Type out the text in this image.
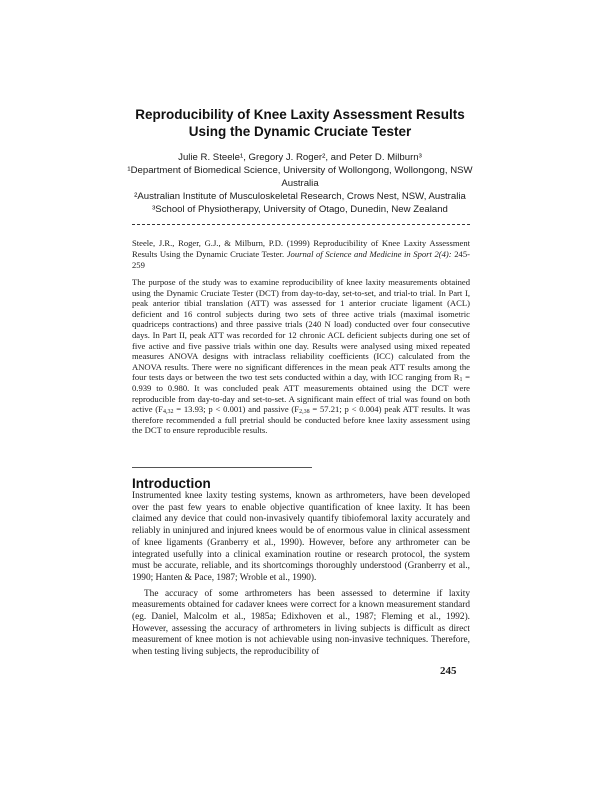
Reproducibility of Knee Laxity Assessment Results
Using the Dynamic Cruciate Tester
Julie R. Steele¹, Gregory J. Roger², and Peter D. Milburn³
¹Department of Biomedical Science, University of Wollongong, Wollongong, NSW
Australia
²Australian Institute of Musculoskeletal Research, Crows Nest, NSW, Australia
³School of Physiotherapy, University of Otago, Dunedin, New Zealand
Steele, J.R., Roger, G.J., & Milburn, P.D. (1999) Reproducibility of Knee Laxity Assessment Results Using the Dynamic Cruciate Tester. Journal of Science and Medicine in Sport 2(4): 245-259
The purpose of the study was to examine reproducibility of knee laxity measurements obtained using the Dynamic Cruciate Tester (DCT) from day-to-day, set-to-set, and trial-to trial. In Part I, peak anterior tibial translation (ATT) was assessed for 1 anterior cruciate ligament (ACL) deficient and 16 control subjects during two sets of three active trials (maximal isometric quadriceps contractions) and three passive trials (240 N load) conducted over four consecutive days. In Part II, peak ATT was recorded for 12 chronic ACL deficient subjects during one set of five active and five passive trials within one day. Results were analysed using mixed repeated measures ANOVA designs with intraclass reliability coefficients (ICC) calculated from the ANOVA results. There were no significant differences in the mean peak ATT results among the four tests days or between the two test sets conducted within a day, with ICC ranging from $R_1 = 0.939$ to 0.980. It was concluded peak ATT measurements obtained using the DCT were reproducible from day-to-day and set-to-set. A significant main effect of trial was found on both active ($F_{4,32} = 13.93$; p < 0.001) and passive ($F_{2,38} = 57.21$; p < 0.004) peak ATT results. It was therefore recommended a full pretrial should be conducted before knee laxity assessment using the DCT to ensure reproducible results.
Introduction

Instrumented knee laxity testing systems, known as arthrometers, have been developed over the past few years to enable objective quantification of knee laxity. It has been claimed any device that could non-invasively quantify tibiofemoral laxity accurately and reliably in uninjured and injured knees would be of enormous value in clinical assessment of knee ligaments (Granberry et al., 1990). However, before any arthrometer can be integrated usefully into a clinical examination routine or research protocol, the system must be accurate, reliable, and its shortcomings thoroughly understood (Granberry et al., 1990; Hanten & Pace, 1987; Wroble et al., 1990).

The accuracy of some arthrometers has been assessed to determine if laxity measurements obtained for cadaver knees were correct for a known measurement standard (eg. Daniel, Malcolm et al., 1985a; Edixhoven et al., 1987; Fleming et al., 1992). However, assessing the accuracy of arthrometers in living subjects is difficult as direct measurement of knee motion is not achievable using non-invasive techniques. Therefore, when testing living subjects, the reproducibility of

245
